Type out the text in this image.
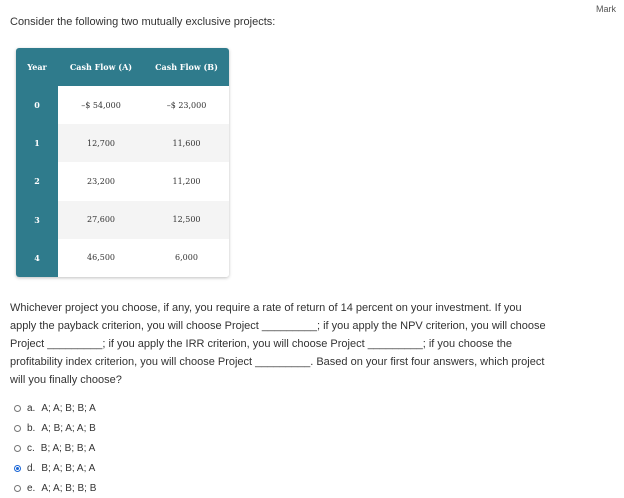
Mark
Consider the following two mutually exclusive projects:
Year	Cash Flow (A)	Cash Flow (B)
0	–$ 54,000	–$ 23,000
1	12,700	11,600
2	23,200	11,200
3	27,600	12,500
4	46,500	6,000
Whichever project you choose, if any, you require a rate of return of 14 percent on your investment. If you
apply the payback criterion, you will choose Project _________; if you apply the NPV criterion, you will choose
Project _________; if you apply the IRR criterion, you will choose Project _________; if you choose the
profitability index criterion, you will choose Project _________. Based on your first four answers, which project
will you finally choose?
a. A; A; B; B; A
b. A; B; A; A; B
c. B; A; B; B; A
d. B; A; B; A; A
e. A; A; B; B; B
